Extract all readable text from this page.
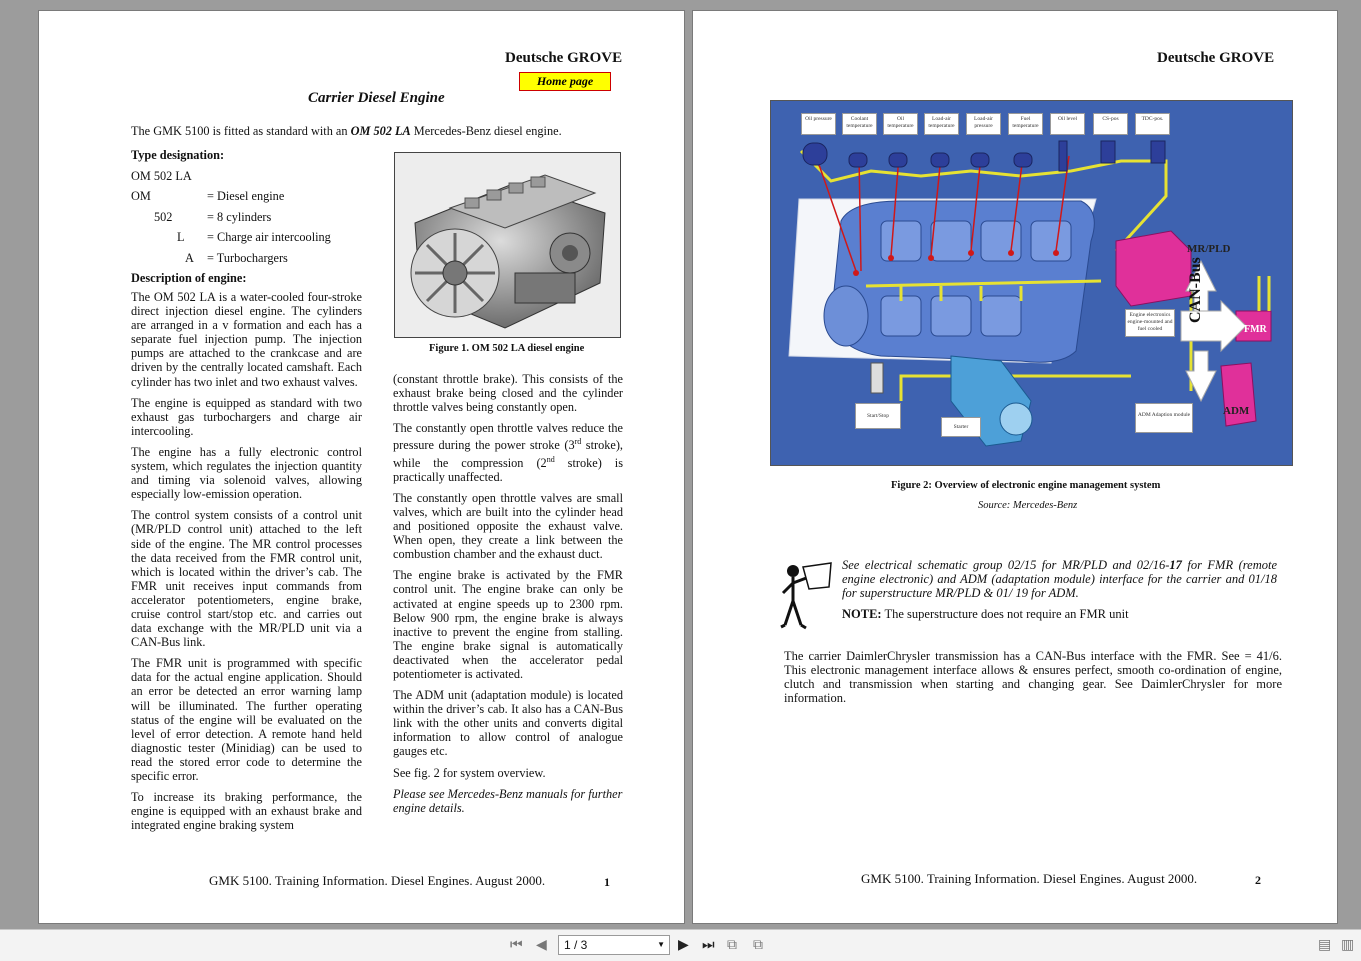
Deutsche GROVE
Home page
Carrier Diesel Engine
The GMK 5100 is fitted as standard with an OM 502 LA Mercedes-Benz diesel engine.
Type designation:
OM 502 LA
OM	= Diesel engine
502	= 8 cylinders
L	= Charge air intercooling
A	= Turbochargers
Description of engine:

The OM 502 LA is a water-cooled four-stroke direct injection diesel engine. The cylinders are arranged in a v formation and each has a separate fuel injection pump. The injection pumps are attached to the crankcase and are driven by the centrally located camshaft. Each cylinder has two inlet and two exhaust valves.

The engine is equipped as standard with two exhaust gas turbochargers and charge air intercooling.

The engine has a fully electronic control system, which regulates the injection quantity and timing via solenoid valves, allowing especially low-emission operation.

The control system consists of a control unit (MR/PLD control unit) attached to the left side of the engine. The MR control processes the data received from the FMR control unit, which is located within the driver’s cab. The FMR unit receives input commands from accelerator potentiometers, engine brake, cruise control start/stop etc. and carries out data exchange with the MR/PLD unit via a CAN-Bus link.

The FMR unit is programmed with specific data for the actual engine application. Should an error be detected an error warning lamp will be illuminated. The further operating status of the engine will be evaluated on the level of error detection. A remote hand held diagnostic tester (Minidiag) can be used to read the stored error code to determine the specific error.

To increase its braking performance, the engine is equipped with an exhaust brake and integrated engine braking system

Figure 1. OM 502 LA diesel engine

(constant throttle brake). This consists of the exhaust brake being closed and the cylinder throttle valves being constantly open.

The constantly open throttle valves reduce the pressure during the power stroke (3rd stroke), while the compression (2nd stroke) is practically unaffected.

The constantly open throttle valves are small valves, which are built into the cylinder head and positioned opposite the exhaust valve. When open, they create a link between the combustion chamber and the exhaust duct.

The engine brake is activated by the FMR control unit. The engine brake can only be activated at engine speeds up to 2300 rpm. Below 900 rpm, the engine brake is always inactive to prevent the engine from stalling. The engine brake signal is automatically deactivated when the accelerator pedal potentiometer is activated.

The ADM unit (adaptation module) is located within the driver’s cab. It also has a CAN-Bus link with the other units and converts digital information to allow control of analogue gauges etc.

See fig. 2 for system overview.

Please see Mercedes-Benz manuals for further engine details.

GMK 5100. Training Information. Diesel Engines. August 2000.	1
Deutsche GROVE
Oil pressure	Coolant temperature
Oil temperature
Load-air temperature
Load-air pressure
Fuel temperature
Oil level	CS-pos	TDC-pos.
MR/PLD
CAN-Bus
FMR
ADM
Engine electronics engine-mounted and fuel cooled
Start/Stop
Starter
ADM Adaption module
Figure 2: Overview of electronic engine management system
Source: Mercedes-Benz
See electrical schematic group 02/15 for MR/PLD and 02/16-17 for FMR (remote engine electronic) and ADM (adaptation module) interface for the carrier and 01/18 for superstructure MR/PLD & 01/ 19 for ADM.
NOTE: The superstructure does not require an FMR unit
The carrier DaimlerChrysler transmission has a CAN-Bus interface with the FMR. See = 41/6. This electronic management interface allows & ensures perfect, smooth co-ordination of engine, clutch and transmission when starting and changing gear. See DaimlerChrysler for more information.
GMK 5100. Training Information. Diesel Engines. August 2000.	2
⏮ ◀	1 / 3	▼ ▶ ⏭ ⧉ ⧉	▤ ▥
